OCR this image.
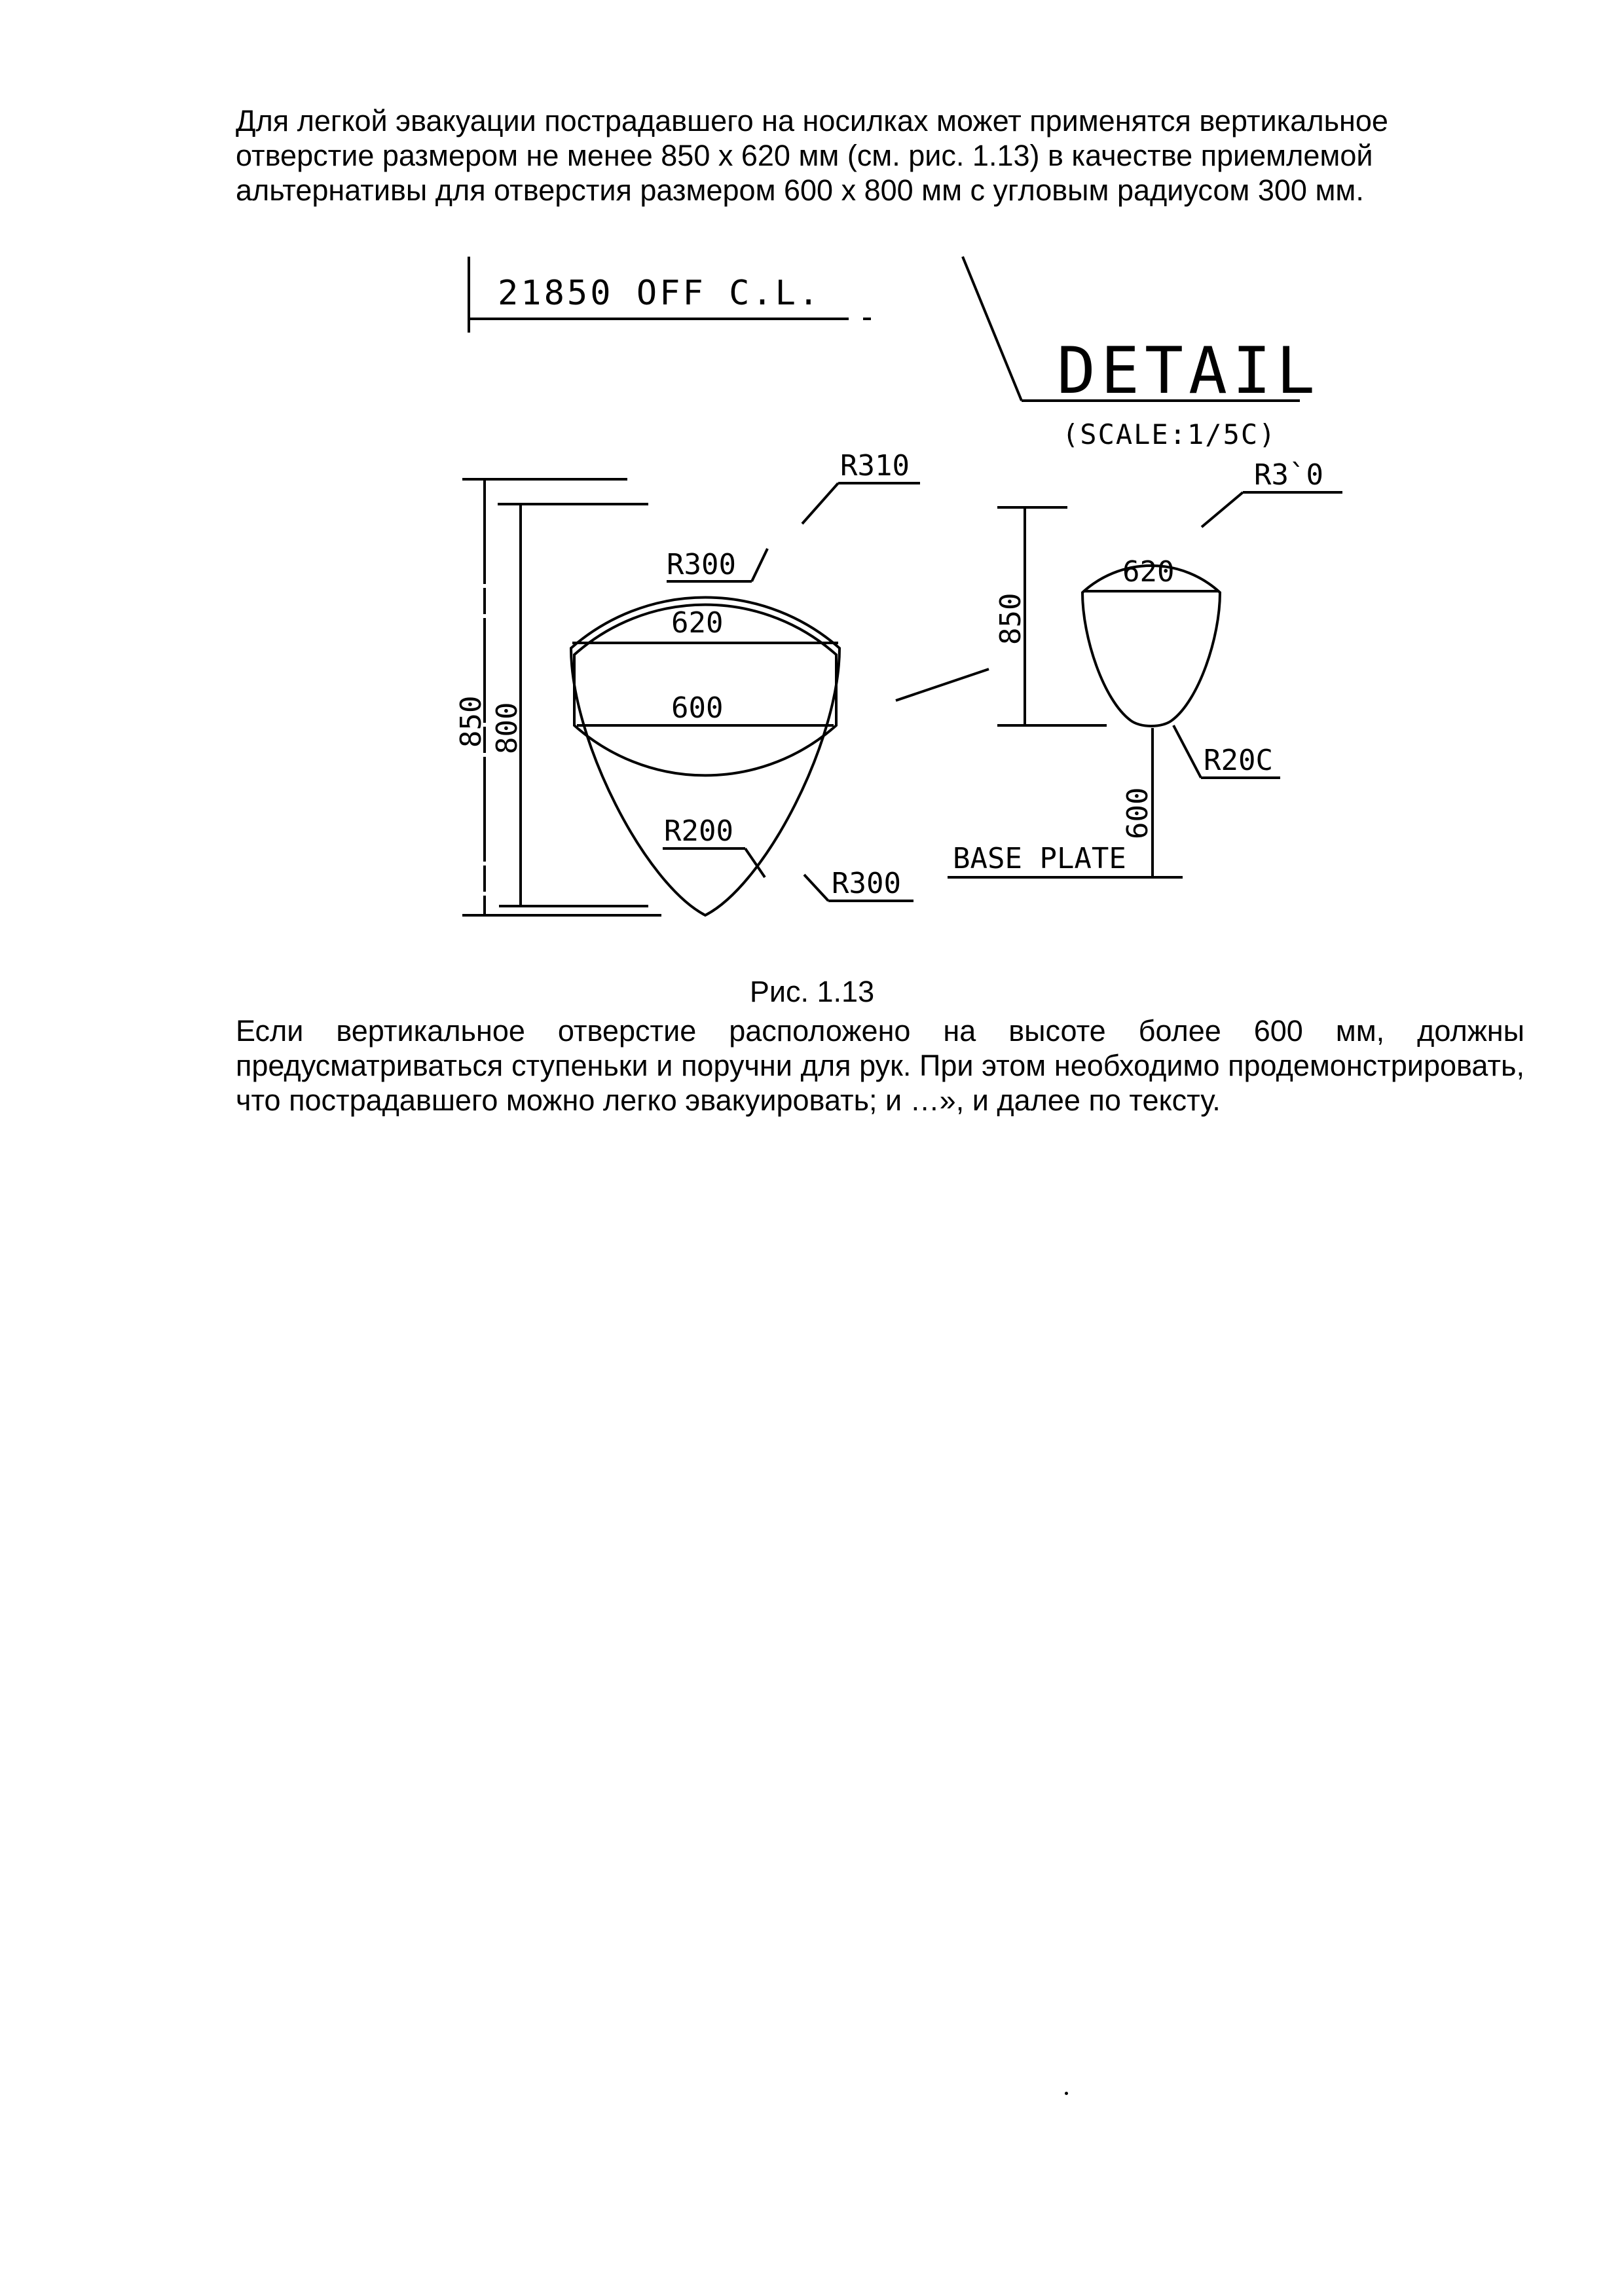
Для легкой эвакуации пострадавшего на носилках может применятся вертикальное отверстие размером не менее 850 х 620 мм (см. рис. 1.13) в качестве приемлемой альтернативы для отверстия размером 600 х 800 мм с угловым радиусом 300 мм.

21850 OFF C.L.
DETAIL
(SCALE:1/5C)
620
600
850 800
R310
R300
R200
R300
620
850
R3`0
R20C
600
BASE PLATE
Рис. 1.13

Если вертикальное отверстие расположено на высоте более 600 мм, должны предусматриваться ступеньки и поручни для рук. При этом необходимо продемонстрировать, что пострадавшего можно легко эвакуировать; и …», и далее по тексту.
